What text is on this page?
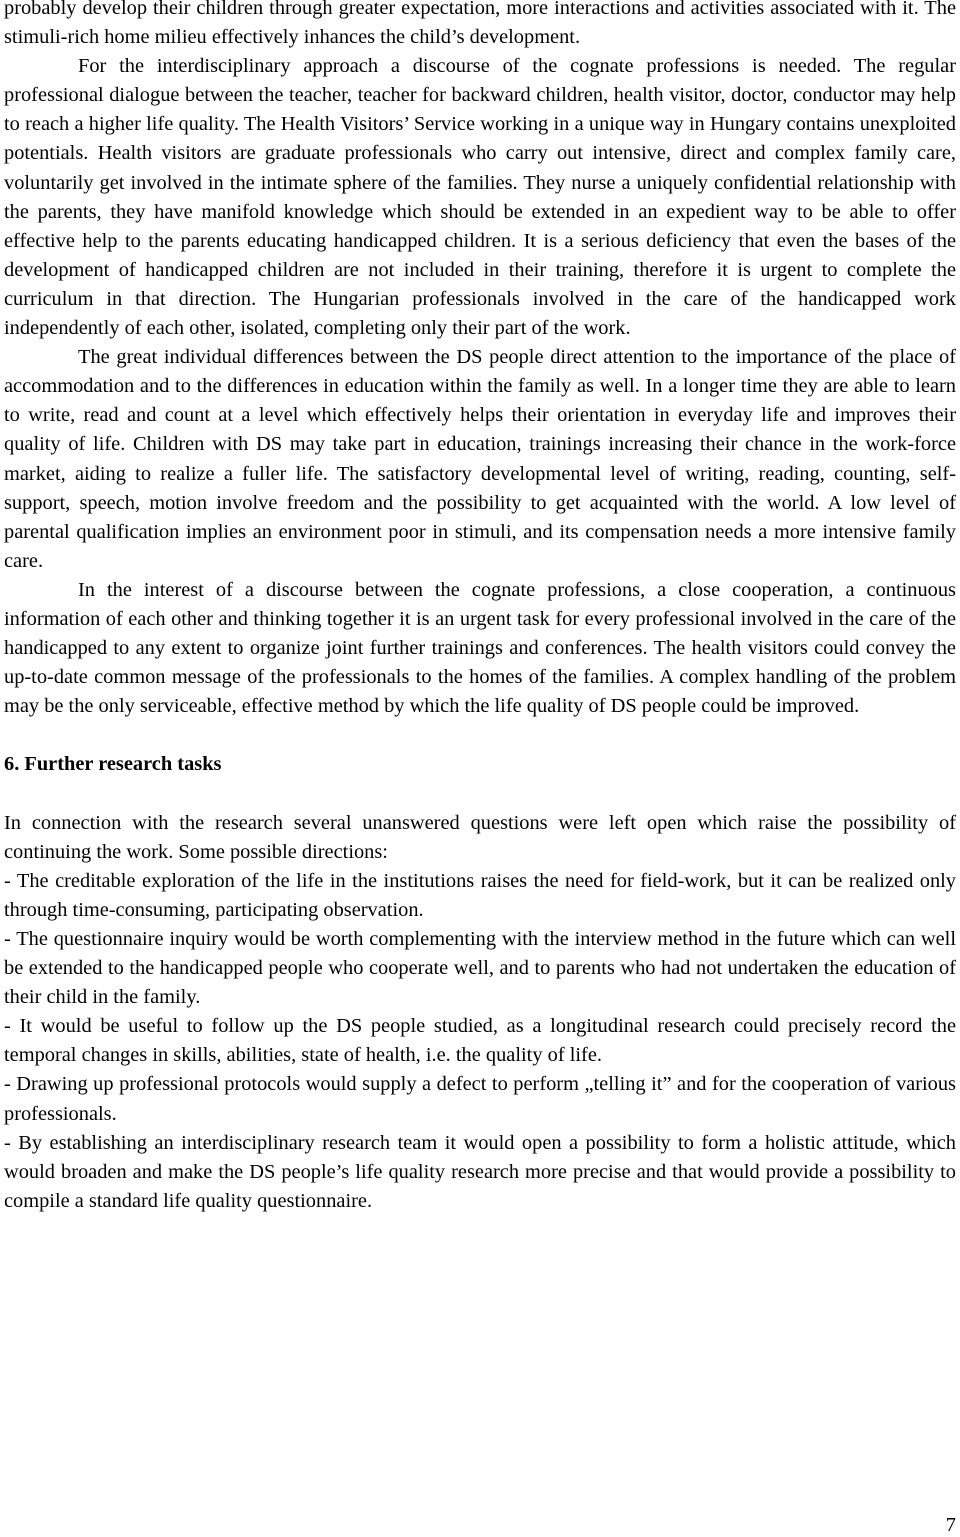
probably develop their children through greater expectation, more interactions and activities associated with it. The stimuli-rich home milieu effectively inhances the child’s development.

For the interdisciplinary approach a discourse of the cognate professions is needed. The regular professional dialogue between the teacher, teacher for backward children, health visitor, doctor, conductor may help to reach a higher life quality. The Health Visitors’ Service working in a unique way in Hungary contains unexploited potentials. Health visitors are graduate professionals who carry out intensive, direct and complex family care, voluntarily get involved in the intimate sphere of the families. They nurse a uniquely confidential relationship with the parents, they have manifold knowledge which should be extended in an expedient way to be able to offer effective help to the parents educating handicapped children. It is a serious deficiency that even the bases of the development of handicapped children are not included in their training, therefore it is urgent to complete the curriculum in that direction. The Hungarian professionals involved in the care of the handicapped work independently of each other, isolated, completing only their part of the work.

The great individual differences between the DS people direct attention to the importance of the place of accommodation and to the differences in education within the family as well. In a longer time they are able to learn to write, read and count at a level which effectively helps their orientation in everyday life and improves their quality of life. Children with DS may take part in education, trainings increasing their chance in the work-force market, aiding to realize a fuller life. The satisfactory developmental level of writing, reading, counting, self-support, speech, motion involve freedom and the possibility to get acquainted with the world. A low level of parental qualification implies an environment poor in stimuli, and its compensation needs a more intensive family care.

In the interest of a discourse between the cognate professions, a close cooperation, a continuous information of each other and thinking together it is an urgent task for every professional involved in the care of the handicapped to any extent to organize joint further trainings and conferences. The health visitors could convey the up-to-date common message of the professionals to the homes of the families. A complex handling of the problem may be the only serviceable, effective method by which the life quality of DS people could be improved.

6. Further research tasks

In connection with the research several unanswered questions were left open which raise the possibility of continuing the work. Some possible directions:

- The creditable exploration of the life in the institutions raises the need for field-work, but it can be realized only through time-consuming, participating observation.

- The questionnaire inquiry would be worth complementing with the interview method in the future which can well be extended to the handicapped people who cooperate well, and to parents who had not undertaken the education of their child in the family.

- It would be useful to follow up the DS people studied, as a longitudinal research could precisely record the temporal changes in skills, abilities, state of health, i.e. the quality of life.

- Drawing up professional protocols would supply a defect to perform „telling it” and for the cooperation of various professionals.

- By establishing an interdisciplinary research team it would open a possibility to form a holistic attitude, which would broaden and make the DS people’s life quality research more precise and that would provide a possibility to compile a standard life quality questionnaire.

7
